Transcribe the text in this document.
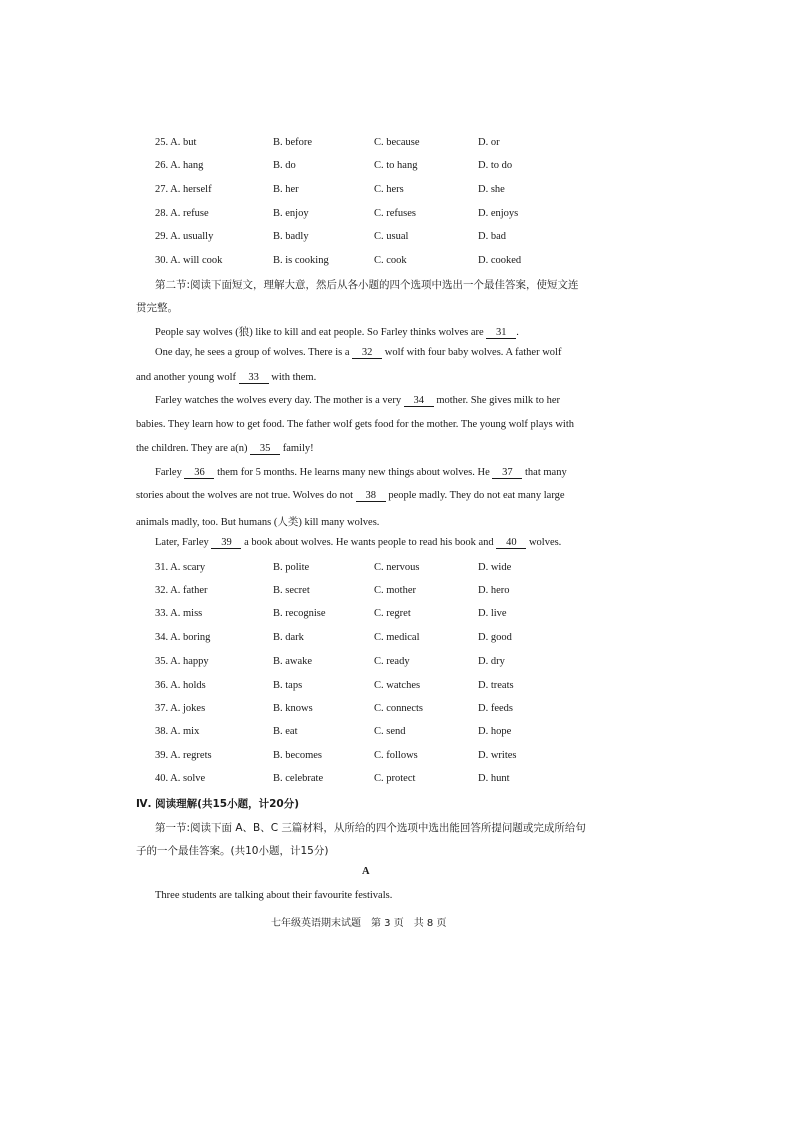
25. A. but	B. before	C. because	D. or
26. A. hang	B. do	C. to hang	D. to do
27. A. herself	B. her	C. hers	D. she
28. A. refuse	B. enjoy	C. refuses	D. enjoys
29. A. usually	B. badly	C. usual	D. bad
30. A. will cook	B. is cooking	C. cook	D. cooked
第二节:阅读下面短文，理解大意，然后从各小题的四个选项中选出一个最佳答案，使短文连
贯完整。
People say wolves (狼) like to kill and eat people. So Farley thinks wolves are 31 .
One day, he sees a group of wolves. There is a 32 wolf with four baby wolves. A father wolf
and another young wolf 33 with them.
Farley watches the wolves every day. The mother is a very 34 mother. She gives milk to her
babies. They learn how to get food. The father wolf gets food for the mother. The young wolf plays with
the children. They are a(n) 35 family!
Farley 36 them for 5 months. He learns many new things about wolves. He 37 that many
stories about the wolves are not true. Wolves do not 38 people madly. They do not eat many large
animals madly, too. But humans (人类) kill many wolves.
Later, Farley 39 a book about wolves. He wants people to read his book and 40 wolves.
31. A. scary	B. polite	C. nervous	D. wide
32. A. father	B. secret	C. mother	D. hero
33. A. miss	B. recognise	C. regret	D. live
34. A. boring	B. dark	C. medical	D. good
35. A. happy	B. awake	C. ready	D. dry
36. A. holds	B. taps	C. watches	D. treats
37. A. jokes	B. knows	C. connects	D. feeds
38. A. mix	B. eat	C. send	D. hope
39. A. regrets	B. becomes	C. follows	D. writes
40. A. solve	B. celebrate	C. protect	D. hunt
Ⅳ. 阅读理解(共15小题，计20分)
第一节:阅读下面 A、B、C 三篇材料，从所给的四个选项中选出能回答所提问题或完成所给句
子的一个最佳答案。(共10小题，计15分)
A
Three students are talking about their favourite festivals.
七年级英语期末试题　第 3 页　共 8 页
